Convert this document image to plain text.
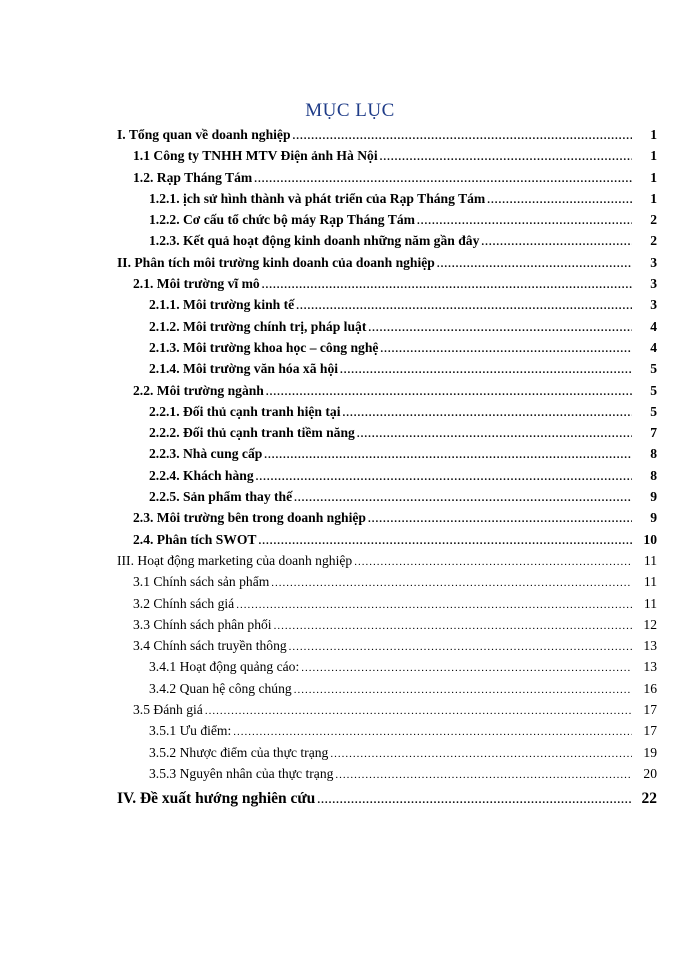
MỤC LỤC
I. Tổng quan về doanh nghiệp .....	1
1.1 Công ty TNHH MTV Điện ảnh Hà Nội .....	1
1.2. Rạp Tháng Tám .....	1
1.2.1. ịch sử hình thành và phát triển của Rạp Tháng Tám .....	1
1.2.2. Cơ cấu tổ chức bộ máy Rạp Tháng Tám .....	2
1.2.3. Kết quả hoạt động kinh doanh những năm gần đây .....	2
II. Phân tích môi trường kinh doanh của doanh nghiệp .....	3
2.1. Môi trường vĩ mô .....	3
2.1.1. Môi trường kinh tế .....	3
2.1.2. Môi trường chính trị, pháp luật .....	4
2.1.3. Môi trường khoa học – công nghệ .....	4
2.1.4. Môi trường văn hóa xã hội .....	5
2.2. Môi trường ngành .....	5
2.2.1. Đối thủ cạnh tranh hiện tại .....	5
2.2.2. Đối thủ cạnh tranh tiềm năng .....	7
2.2.3. Nhà cung cấp .....	8
2.2.4. Khách hàng .....	8
2.2.5. Sản phẩm thay thế .....	9
2.3. Môi trường bên trong doanh nghiệp .....	9
2.4. Phân tích SWOT .....	10
III. Hoạt động marketing của doanh nghiệp .....	11
3.1 Chính sách sản phẩm .....	11
3.2 Chính sách giá .....	11
3.3 Chính sách phân phối .....	12
3.4 Chính sách truyền thông .....	13
3.4.1 Hoạt động quảng cáo: .....	13
3.4.2 Quan hệ công chúng .....	16
3.5 Đánh giá .....	17
3.5.1 Ưu điểm: .....	17
3.5.2 Nhược điểm của thực trạng .....	19
3.5.3 Nguyên nhân của thực trạng .....	20
IV. Đề xuất hướng nghiên cứu .....	22
